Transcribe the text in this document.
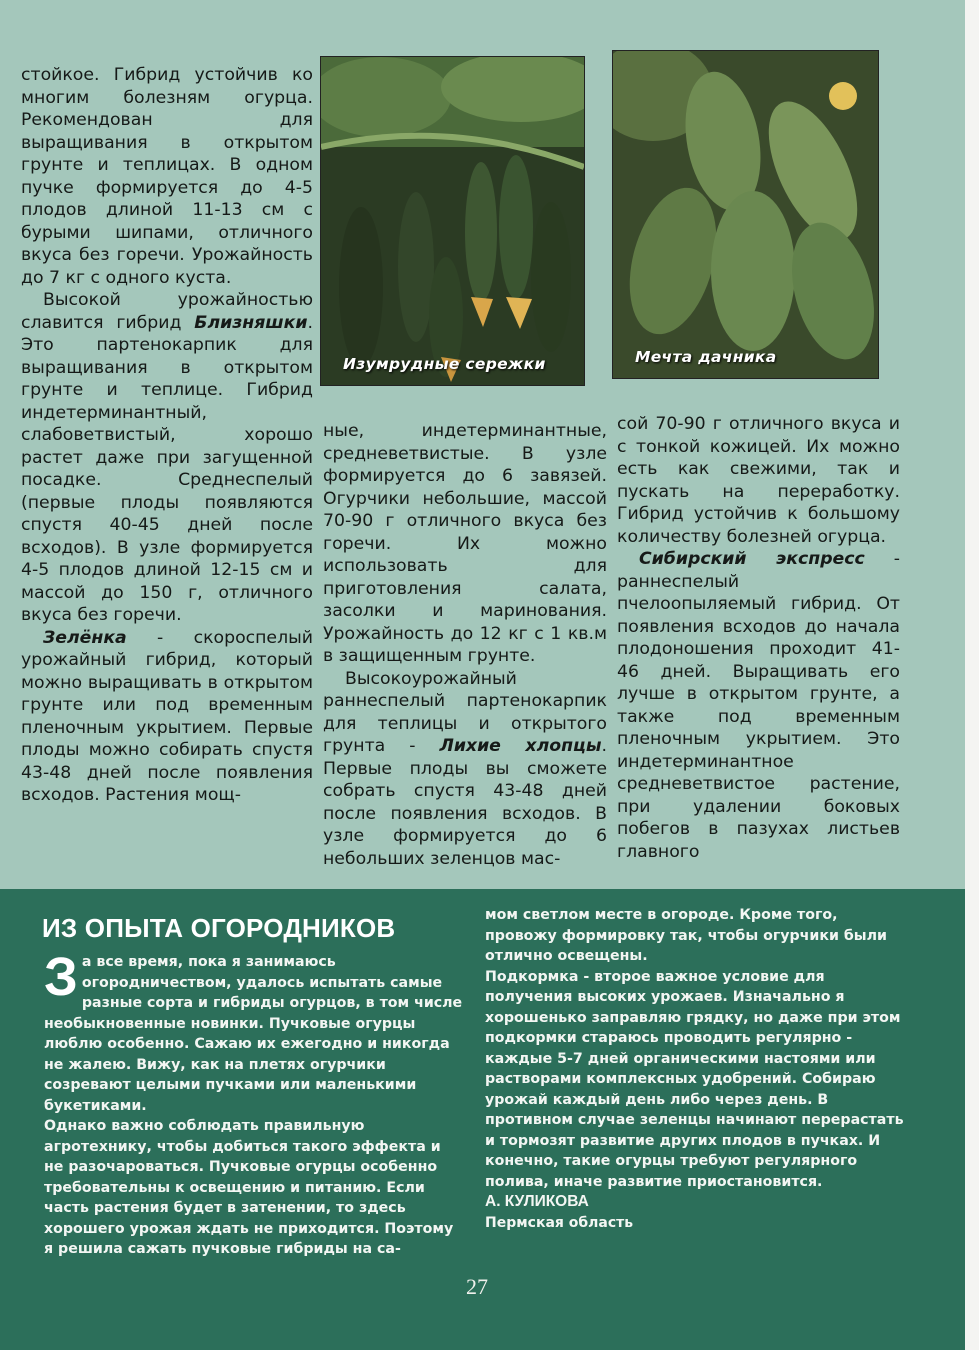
стойкое. Гибрид устойчив ко многим болезням огурца. Рекомендован для выращивания в открытом грунте и теплицах. В одном пучке формируется до 4-5 плодов длиной 11-13 см с бурыми шипами, отличного вкуса без горечи. Урожайность до 7 кг с одного куста.

Высокой урожайностью славится гибрид Близняшки. Это партенокарпик для выращивания в открытом грунте и теплице. Гибрид индетерминантный, слабоветвистый, хорошо растет даже при загущенной посадке. Среднеспелый (первые плоды появляются спустя 40-45 дней после всходов). В узле формируется 4-5 плодов длиной 12-15 см и массой до 150 г, отличного вкуса без горечи.

Зелёнка - скороспелый урожайный гибрид, который можно выращивать в открытом грунте или под временным пленочным укрытием. Первые плоды можно собирать спустя 43-48 дней после появления всходов. Растения мощ-

Изумрудные сережки	Мечта дачника

ные, индетерминантные, средневетвистые. В узле формируется до 6 завязей. Огурчики небольшие, массой 70-90 г отличного вкуса без горечи. Их можно использовать для приготовления салата, засолки и маринования. Урожайность до 12 кг с 1 кв.м в защищенным грунте.

Высокоурожайный раннеспелый партенокарпик для теплицы и открытого грунта - Лихие хлопцы. Первые плоды вы сможете собрать спустя 43-48 дней после появления всходов. В узле формируется до 6 небольших зеленцов мас-

сой 70-90 г отличного вкуса и с тонкой кожицей. Их можно есть как свежими, так и пускать на переработку. Гибрид устойчив к большому количеству болезней огурца.

Сибирский экспресс - раннеспелый пчелоопыляемый гибрид. От появления всходов до начала плодоношения проходит 41-46 дней. Выращивать его лучше в открытом грунте, а также под временным пленочным укрытием. Это индетерминантное средневетвистое растение, при удалении боковых побегов в пазухах листьев главного

ИЗ ОПЫТА ОГОРОДНИКОВ

За все время, пока я занимаюсь огородничеством, удалось испытать самые разные сорта и гибриды огурцов, в том числе необыкновенные новинки. Пучковые огурцы люблю особенно. Сажаю их ежегодно и никогда не жалею. Вижу, как на плетях огурчики созревают целыми пучками или маленькими букетиками.

Однако важно соблюдать правильную агротехнику, чтобы добиться такого эффекта и не разочароваться. Пучковые огурцы особенно требовательны к освещению и питанию. Если часть растения будет в затенении, то здесь хорошего урожая ждать не приходится. Поэтому я решила сажать пучковые гибриды на са-

мом светлом месте в огороде. Кроме того, провожу формировку так, чтобы огурчики были отлично освещены.

Подкормка - второе важное условие для получения высоких урожаев. Изначально я хорошенько заправляю грядку, но даже при этом подкормки стараюсь проводить регулярно - каждые 5-7 дней органическими настоями или растворами комплексных удобрений. Собираю урожай каждый день либо через день. В противном случае зеленцы начинают перерастать и тормозят развитие других плодов в пучках. И конечно, такие огурцы требуют регулярного полива, иначе развитие приостановится.

А. КУЛИКОВА

Пермская область

27
